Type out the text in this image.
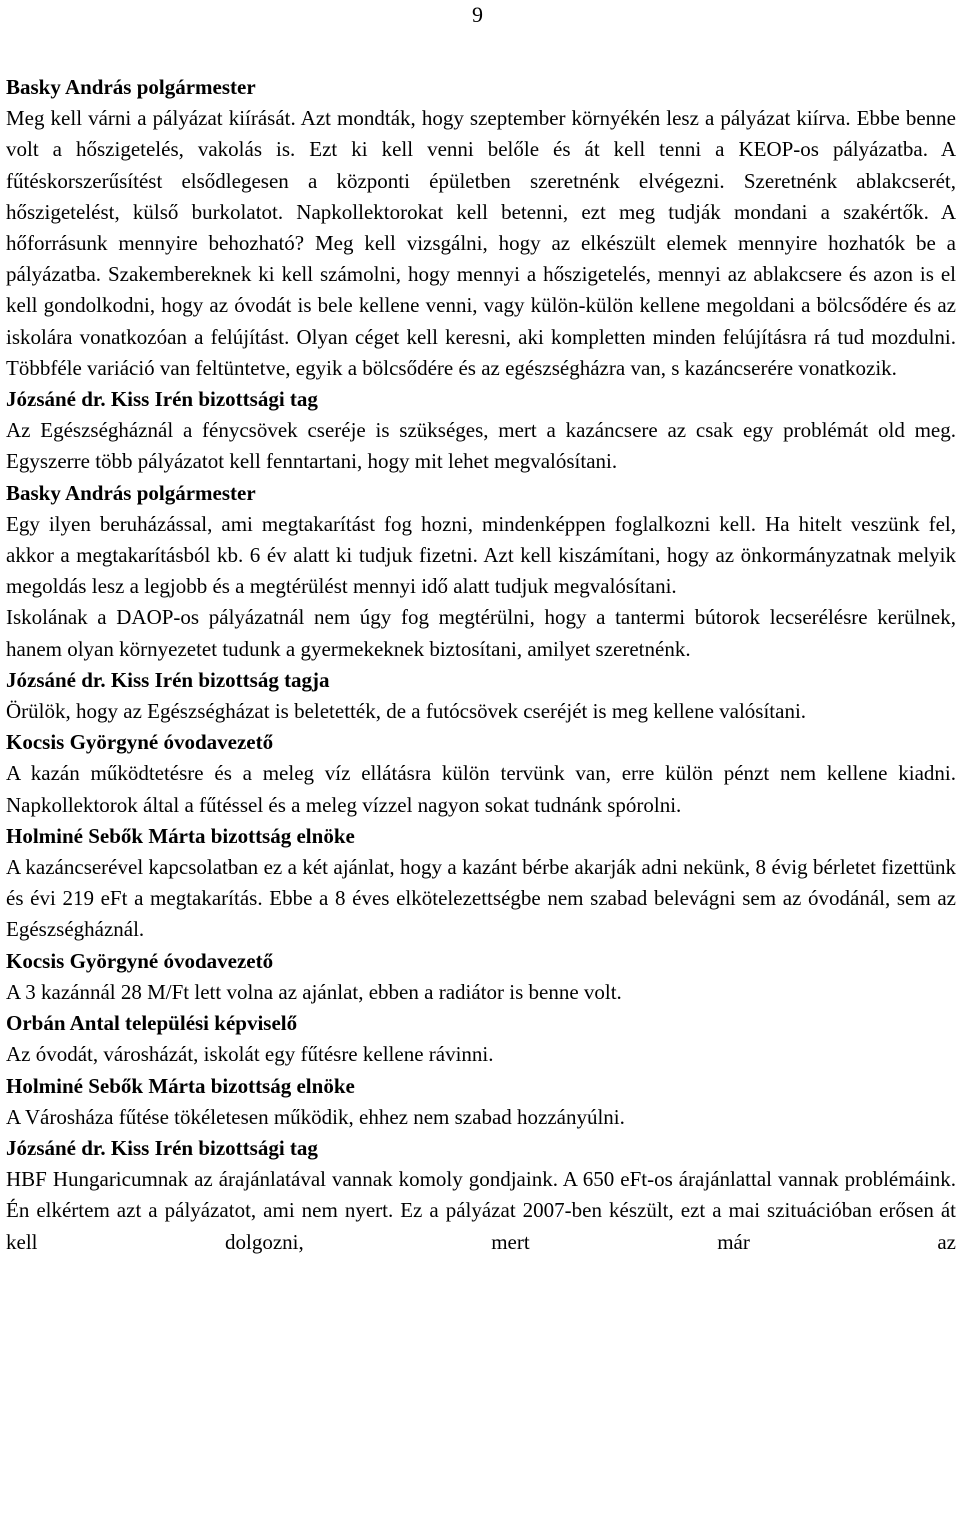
9

Basky András polgármester

Meg kell várni a pályázat kiírását. Azt mondták, hogy szeptember környékén lesz a pályázat kiírva. Ebbe benne volt a hőszigetelés, vakolás is. Ezt ki kell venni belőle és át kell tenni a KEOP-os pályázatba. A fűtéskorszerűsítést elsődlegesen a központi épületben szeretnénk elvégezni. Szeretnénk ablakcserét, hőszigetelést, külső burkolatot. Napkollektorokat kell betenni, ezt meg tudják mondani a szakértők. A hőforrásunk mennyire behozható? Meg kell vizsgálni, hogy az elkészült elemek mennyire hozhatók be a pályázatba. Szakembereknek ki kell számolni, hogy mennyi a hőszigetelés, mennyi az ablakcsere és azon is el kell gondolkodni, hogy az óvodát is bele kellene venni, vagy külön-külön kellene megoldani a bölcsődére és az iskolára vonatkozóan a felújítást. Olyan céget kell keresni, aki kompletten minden felújításra rá tud mozdulni. Többféle variáció van feltüntetve, egyik a bölcsődére és az egészségházra van, s kazáncserére vonatkozik.

Józsáné dr. Kiss Irén bizottsági tag

Az Egészségháznál a fénycsövek cseréje is szükséges, mert a kazáncsere az csak egy problémát old meg. Egyszerre több pályázatot kell fenntartani, hogy mit lehet megvalósítani.

Basky András polgármester

Egy ilyen beruházással, ami megtakarítást fog hozni, mindenképpen foglalkozni kell. Ha hitelt veszünk fel, akkor a megtakarításból kb. 6 év alatt ki tudjuk fizetni. Azt kell kiszámítani, hogy az önkormányzatnak melyik megoldás lesz a legjobb és a megtérülést mennyi idő alatt tudjuk megvalósítani.

Iskolának a DAOP-os pályázatnál nem úgy fog megtérülni, hogy a tantermi bútorok lecserélésre kerülnek, hanem olyan környezetet tudunk a gyermekeknek biztosítani, amilyet szeretnénk.

Józsáné dr. Kiss Irén bizottság tagja

Örülök, hogy az Egészségházat is beletették, de a futócsövek cseréjét is meg kellene valósítani.

Kocsis Györgyné óvodavezető

A kazán működtetésre és a meleg víz ellátásra külön tervünk van, erre külön pénzt nem kellene kiadni. Napkollektorok által a fűtéssel és a meleg vízzel nagyon sokat tudnánk spórolni.

Holminé Sebők Márta bizottság elnöke

A kazáncserével kapcsolatban ez a két ajánlat, hogy a kazánt bérbe akarják adni nekünk, 8 évig bérletet fizettünk és évi 219 eFt a megtakarítás. Ebbe a 8 éves elkötelezettségbe nem szabad belevágni sem az óvodánál, sem az Egészségháznál.

Kocsis Györgyné óvodavezető

A 3 kazánnál 28 M/Ft lett volna az ajánlat, ebben a radiátor is benne volt.

Orbán Antal települési képviselő

Az óvodát, városházát, iskolát egy fűtésre kellene rávinni.

Holminé Sebők Márta bizottság elnöke

A Városháza fűtése tökéletesen működik, ehhez nem szabad hozzányúlni.

Józsáné dr. Kiss Irén bizottsági tag

HBF Hungaricumnak az árajánlatával vannak komoly gondjaink. A 650 eFt-os árajánlattal vannak problémáink. Én elkértem azt a pályázatot, ami nem nyert. Ez a pályázat 2007-ben készült, ezt a mai szituációban erősen át kell dolgozni, mert már az
